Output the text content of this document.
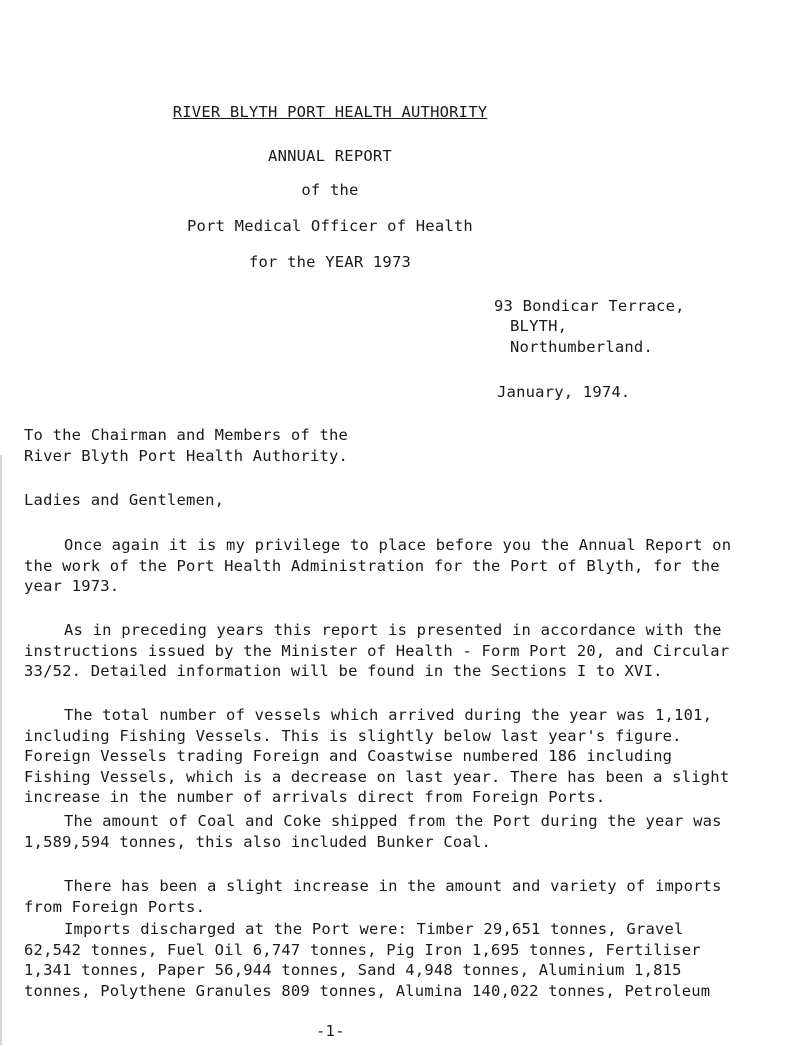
RIVER BLYTH PORT HEALTH AUTHORITY
ANNUAL REPORT
of the
Port Medical Officer of Health
for the YEAR 1973
93 Bondicar Terrace,
BLYTH,
Northumberland.
January, 1974.
To the Chairman and Members of the
River Blyth Port Health Authority.
Ladies and Gentlemen,
Once again it is my privilege to place before you the Annual Report on the work of the Port Health Administration for the Port of Blyth, for the year 1973.
As in preceding years this report is presented in accordance with the instructions issued by the Minister of Health - Form Port 20, and Circular 33/52. Detailed information will be found in the Sections I to XVI.
The total number of vessels which arrived during the year was 1,101, including Fishing Vessels. This is slightly below last year's figure. Foreign Vessels trading Foreign and Coastwise numbered 186 including Fishing Vessels, which is a decrease on last year. There has been a slight increase in the number of arrivals direct from Foreign Ports.
The amount of Coal and Coke shipped from the Port during the year was 1,589,594 tonnes, this also included Bunker Coal.
There has been a slight increase in the amount and variety of imports from Foreign Ports.
Imports discharged at the Port were: Timber 29,651 tonnes, Gravel 62,542 tonnes, Fuel Oil 6,747 tonnes, Pig Iron 1,695 tonnes, Fertiliser 1,341 tonnes, Paper 56,944 tonnes, Sand 4,948 tonnes, Aluminium 1,815 tonnes, Polythene Granules 809 tonnes, Alumina 140,022 tonnes, Petroleum
-1-
